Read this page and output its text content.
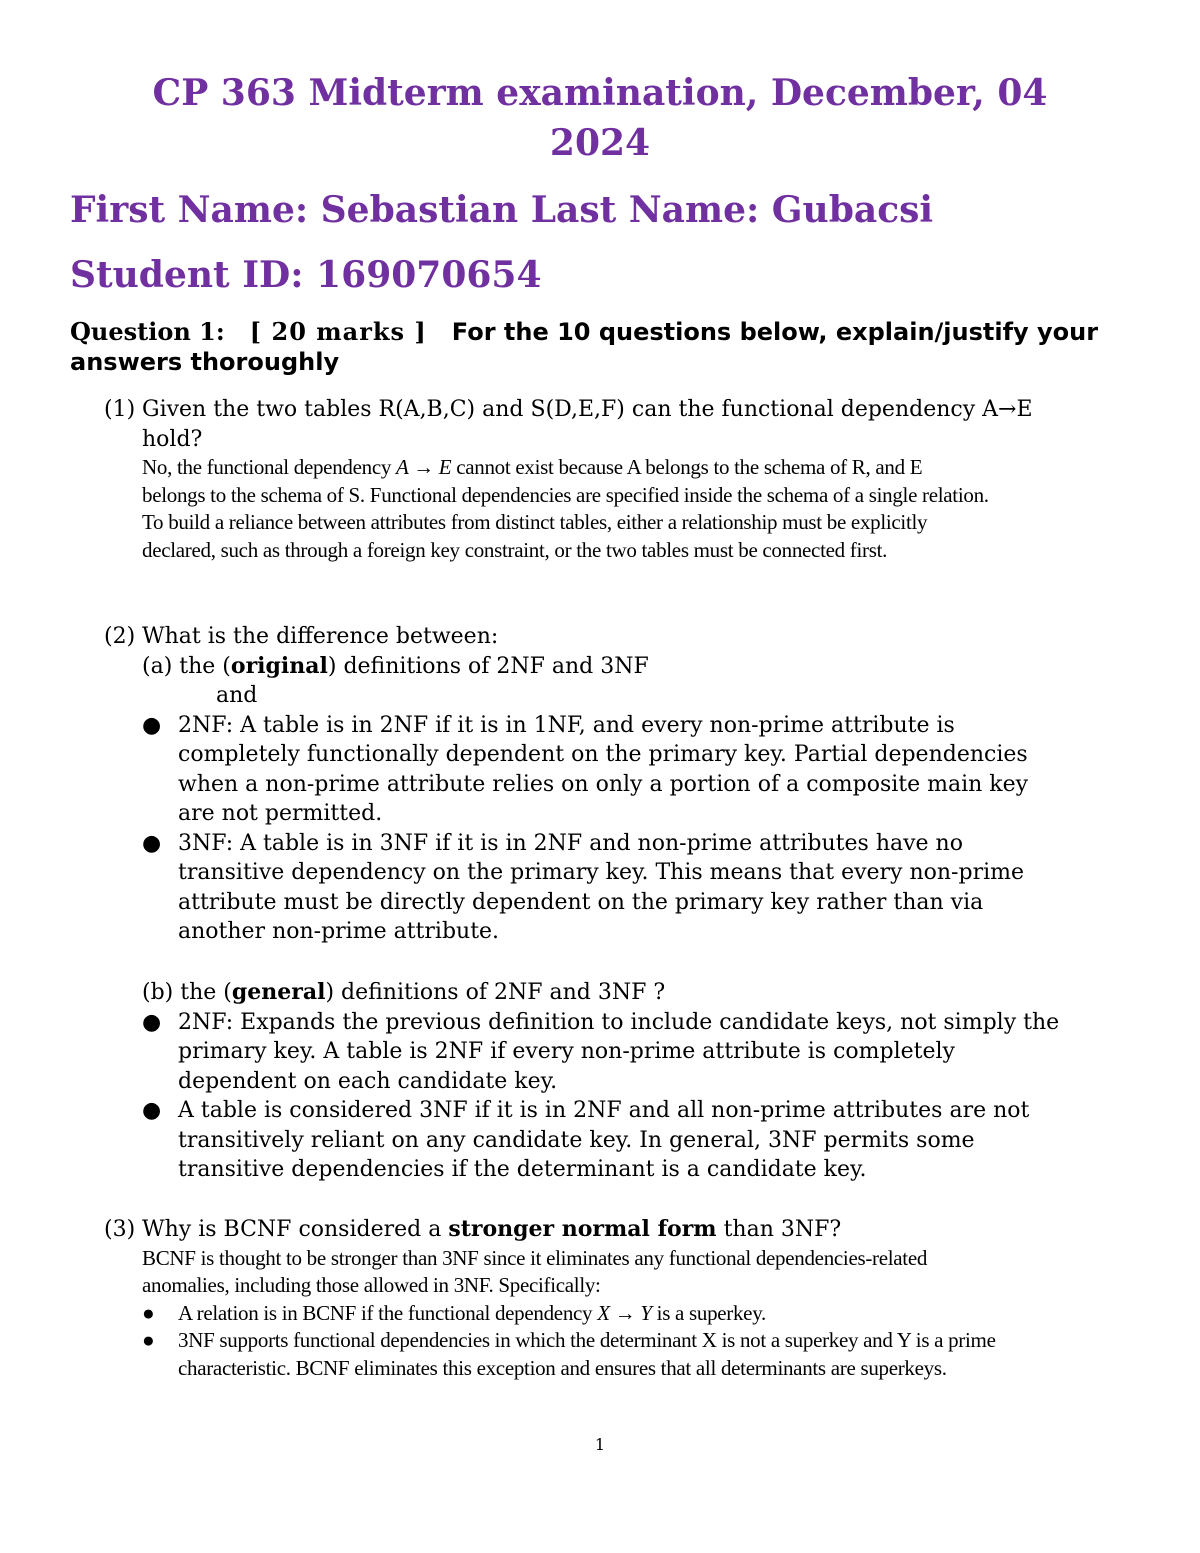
CP 363 Midterm examination, December, 04
2024
First Name: Sebastian Last Name: Gubacsi
Student ID: 169070654
Question 1: [ 20 marks ] For the 10 questions below, explain/justify your answers thoroughly
(1) Given the two tables R(A,B,C) and S(D,E,F) can the functional dependency A→E
hold?
No, the functional dependency A → E cannot exist because A belongs to the schema of R, and E
belongs to the schema of S. Functional dependencies are specified inside the schema of a single relation.
To build a reliance between attributes from distinct tables, either a relationship must be explicitly
declared, such as through a foreign key constraint, or the two tables must be connected first.
(2) What is the difference between:
(a) the (original) definitions of 2NF and 3NF
and
● 2NF: A table is in 2NF if it is in 1NF, and every non-prime attribute is
completely functionally dependent on the primary key. Partial dependencies
when a non-prime attribute relies on only a portion of a composite main key
are not permitted.
● 3NF: A table is in 3NF if it is in 2NF and non-prime attributes have no
transitive dependency on the primary key. This means that every non-prime
attribute must be directly dependent on the primary key rather than via
another non-prime attribute.
(b) the (general) definitions of 2NF and 3NF ?
● 2NF: Expands the previous definition to include candidate keys, not simply the
primary key. A table is 2NF if every non-prime attribute is completely
dependent on each candidate key.
● A table is considered 3NF if it is in 2NF and all non-prime attributes are not
transitively reliant on any candidate key. In general, 3NF permits some
transitive dependencies if the determinant is a candidate key.
(3) Why is BCNF considered a stronger normal form than 3NF?
BCNF is thought to be stronger than 3NF since it eliminates any functional dependencies-related
anomalies, including those allowed in 3NF. Specifically:
●	A relation is in BCNF if the functional dependency X → Y is a superkey.
●	3NF supports functional dependencies in which the determinant X is not a superkey and Y is a prime
characteristic. BCNF eliminates this exception and ensures that all determinants are superkeys.
1
